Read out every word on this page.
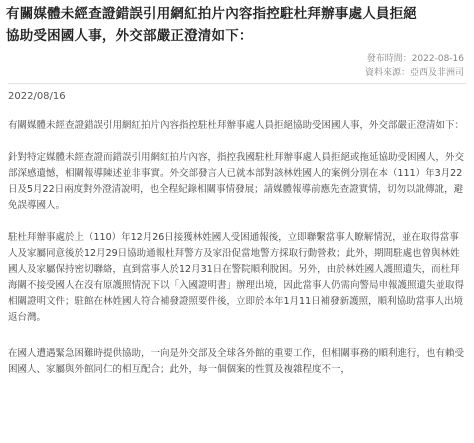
有關媒體未經查證錯誤引用網紅拍片內容指控駐杜拜辦事處人員拒絕
協助受困國人事，外交部嚴正澄清如下：
發布時間：2022-08-16
資料來源：亞西及非洲司
2022/08/16

有關媒體未經查證錯誤引用網紅拍片內容指控駐杜拜辦事處人員拒絕協助受困國人事，外交部嚴正澄清如下：

針對特定媒體未經查證而錯誤引用網紅拍片內容，指控我國駐杜拜辦事處人員拒絕或拖延協助受困國人，外交部深感遺憾，相關報導陳述並非事實。外交部發言人已就本部對該林姓國人的案例分別在本（111）年3月22日及5月22日兩度對外澄清說明，也全程紀錄相關事情發展；請媒體報導前應先查證實情，切勿以訛傳訛，避免誤導國人。

駐杜拜辦事處於上（110）年12月26日接獲林姓國人受困通報後，立即聯繫當事人瞭解情況，並在取得當事人及家屬同意後於12月29日協助通報杜拜警方及家沿促當地警方採取行動營救；此外，期間駐處也曾與林姓國人及家屬保持密切聯絡，直到當事人於12月31日在警院順利脫困。另外，由於林姓國人護照遺失，而杜拜海關不接受國人在沒有原護照情況下以「入國證明書」辦理出境，因此當事人仍需向警局申報護照遺失並取得相關證明文件；駐館在林姓國人符合補發證照要件後，立即於本年1月11日補發新護照，順利協助當事人出境返台灣。

在國人遭遇緊急困難時提供協助，一向是外交部及全球各外館的重要工作，但相關事務的順利進行，也有賴受困國人、家屬與外館同仁的相互配合；此外，每一個個案的性質及複雜程度不一，
